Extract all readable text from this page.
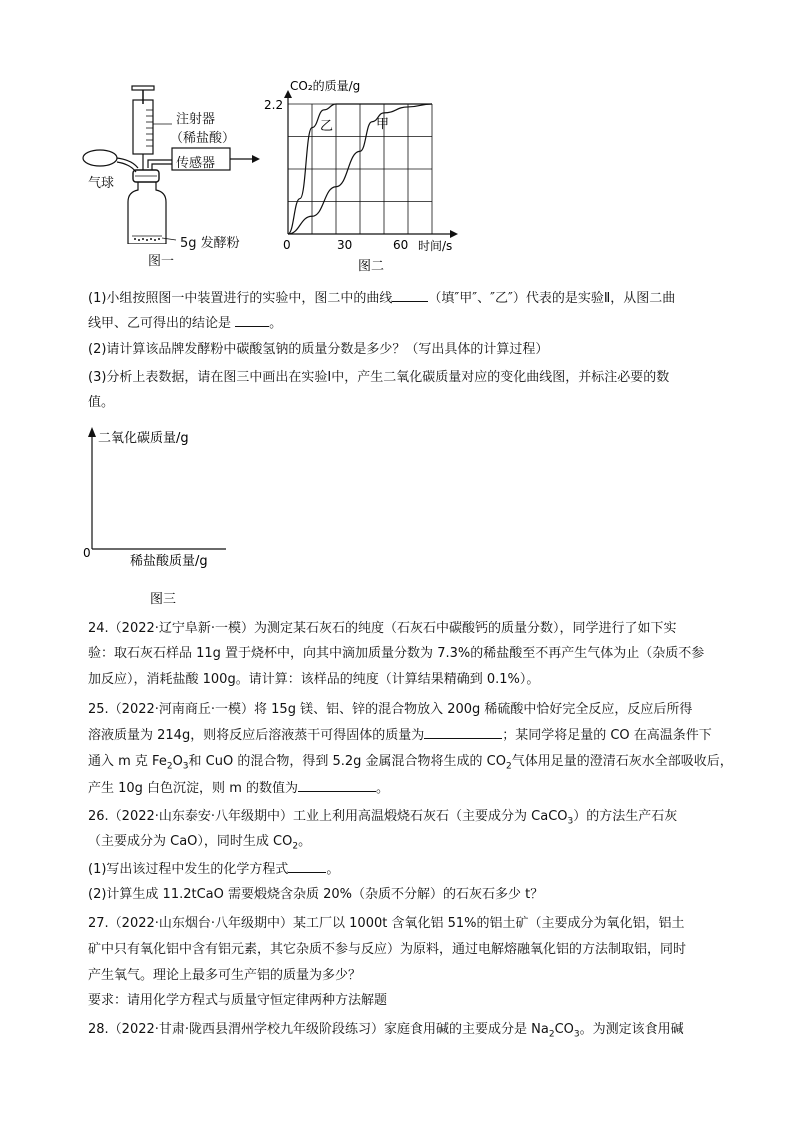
注射器
（稀盐酸）
传感器
气球
5g 发酵粉
图一
CO₂的质量/g
2.2
0	30	60 时间/s
乙	甲
图二
(1)小组按照图一中装置进行的实验中，图二中的曲线	（填″甲″、″乙″）代表的是实验Ⅱ，从图二曲
线甲、乙可得出的结论是	。
(2)请计算该品牌发酵粉中碳酸氢钠的质量分数是多少？（写出具体的计算过程）
(3)分析上表数据，请在图三中画出在实验Ⅰ中，产生二氧化碳质量对应的变化曲线图，并标注必要的数
值。
二氧化碳质量/g
0
稀盐酸质量/g
图三
24.（2022·辽宁阜新·一模）为测定某石灰石的纯度（石灰石中碳酸钙的质量分数），同学进行了如下实
验：取石灰石样品 11g 置于烧杯中，向其中滴加质量分数为 7.3%的稀盐酸至不再产生气体为止（杂质不参
加反应），消耗盐酸 100g。请计算：该样品的纯度（计算结果精确到 0.1%）。
25.（2022·河南商丘·一模）将 15g 镁、铝、锌的混合物放入 200g 稀硫酸中恰好完全反应，反应后所得
溶液质量为 214g，则将反应后溶液蒸干可得固体的质量为	；某同学将足量的 CO 在高温条件下
通入 m 克 $Fe_2O_3$和 CuO 的混合物，得到 5.2g 金属混合物将生成的 $CO_2$气体用足量的澄清石灰水全部吸收后，
产生 10g 白色沉淀，则 m 的数值为	。
26.（2022·山东泰安·八年级期中）工业上利用高温煅烧石灰石（主要成分为 CaCO$_3$）的方法生产石灰
（主要成分为 CaO），同时生成 $CO_2$。
(1)写出该过程中发生的化学方程式	。
(2)计算生成 11.2tCaO 需要煅烧含杂质 20%（杂质不分解）的石灰石多少 t？
27.（2022·山东烟台·八年级期中）某工厂以 1000t 含氧化铝 51%的铝土矿（主要成分为氧化铝，铝土
矿中只有氧化铝中含有铝元素，其它杂质不参与反应）为原料，通过电解熔融氧化铝的方法制取铝，同时
产生氧气。理论上最多可生产铝的质量为多少？
要求：请用化学方程式与质量守恒定律两种方法解题
28.（2022·甘肃·陇西县渭州学校九年级阶段练习）家庭食用碱的主要成分是 $Na_2CO_3$。为测定该食用碱
